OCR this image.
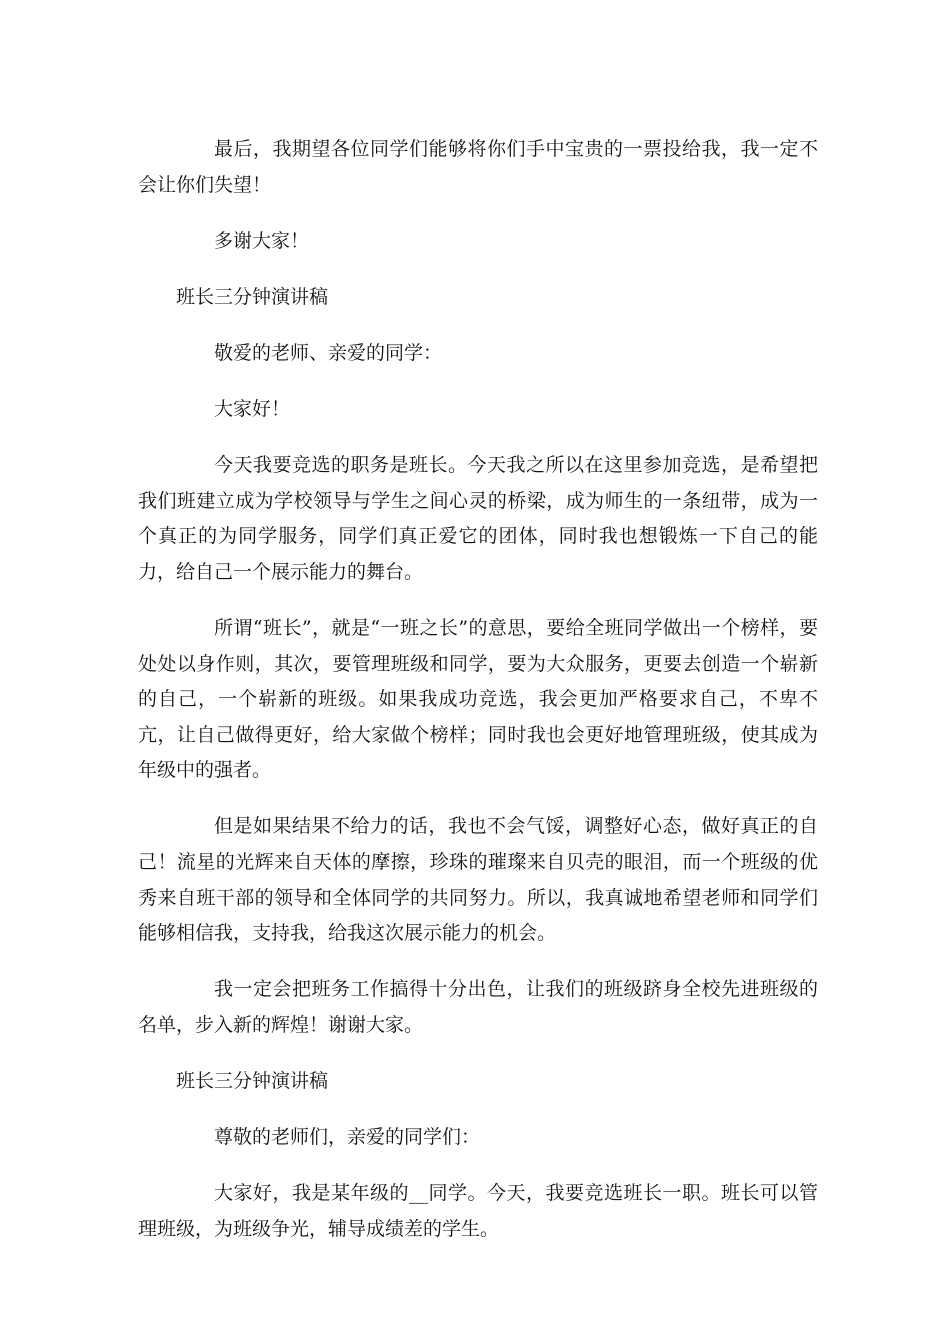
最后，我期望各位同学们能够将你们手中宝贵的一票投给我，我一定不会让你们失望！

多谢大家！

班长三分钟演讲稿

敬爱的老师、亲爱的同学：

大家好！

今天我要竞选的职务是班长。今天我之所以在这里参加竞选，是希望把我们班建立成为学校领导与学生之间心灵的桥梁，成为师生的一条纽带，成为一个真正的为同学服务，同学们真正爱它的团体，同时我也想锻炼一下自己的能力，给自己一个展示能力的舞台。

所谓“班长”，就是“一班之长”的意思，要给全班同学做出一个榜样，要处处以身作则，其次，要管理班级和同学，要为大众服务，更要去创造一个崭新的自己，一个崭新的班级。如果我成功竞选，我会更加严格要求自己，不卑不亢，让自己做得更好，给大家做个榜样；同时我也会更好地管理班级，使其成为年级中的强者。

但是如果结果不给力的话，我也不会气馁，调整好心态，做好真正的自己！流星的光辉来自天体的摩擦，珍珠的璀璨来自贝壳的眼泪，而一个班级的优秀来自班干部的领导和全体同学的共同努力。所以，我真诚地希望老师和同学们能够相信我，支持我，给我这次展示能力的机会。

我一定会把班务工作搞得十分出色，让我们的班级跻身全校先进班级的名单，步入新的辉煌！谢谢大家。

班长三分钟演讲稿

尊敬的老师们，亲爱的同学们：

大家好，我是某年级的__同学。今天，我要竞选班长一职。班长可以管理班级，为班级争光，辅导成绩差的学生。
